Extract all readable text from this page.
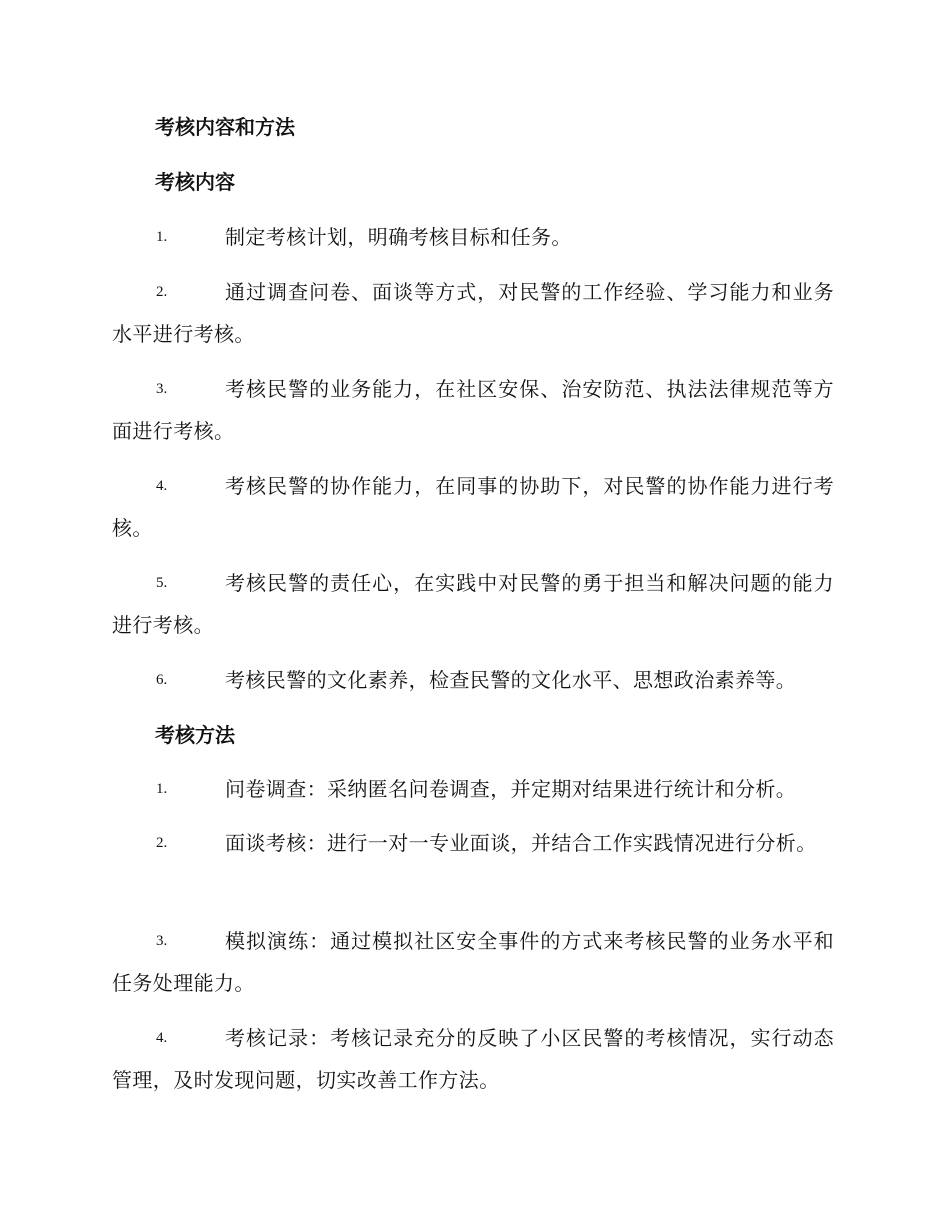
考核内容和方法
考核内容

1.	制定考核计划，明确考核目标和任务。

2.	通过调查问卷、面谈等方式，对民警的工作经验、学习能力和业务水平进行考核。

3.	考核民警的业务能力，在社区安保、治安防范、执法法律规范等方面进行考核。

4.	考核民警的协作能力，在同事的协助下，对民警的协作能力进行考核。

5.	考核民警的责任心，在实践中对民警的勇于担当和解决问题的能力进行考核。

6.	考核民警的文化素养，检查民警的文化水平、思想政治素养等。

考核方法

1.	问卷调查：采纳匿名问卷调查，并定期对结果进行统计和分析。

2.	面谈考核：进行一对一专业面谈，并结合工作实践情况进行分析。

3.	模拟演练：通过模拟社区安全事件的方式来考核民警的业务水平和任务处理能力。

4.	考核记录：考核记录充分的反映了小区民警的考核情况，实行动态管理，及时发现问题，切实改善工作方法。
